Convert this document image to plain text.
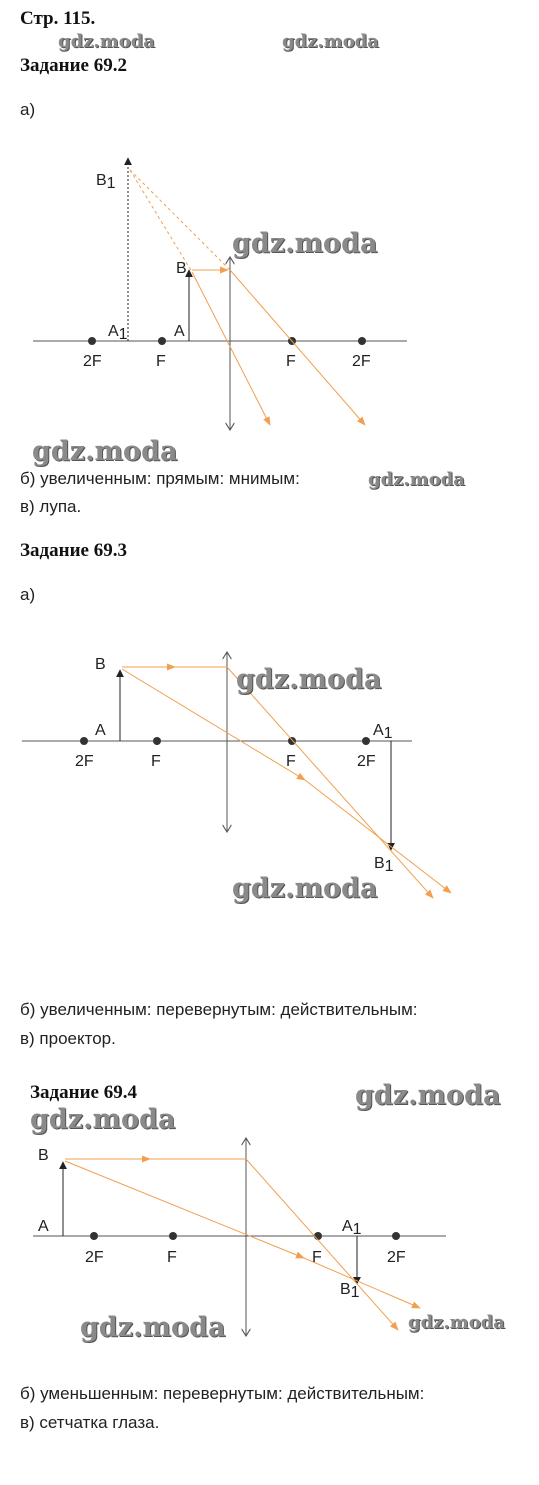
Стр. 115.
gdz.moda	gdz.moda
Задание 69.2
а)
B1
B
A1	A
2F	F	F	2F
gdz.moda
gdz.moda
б) увеличенным: прямым: мнимым:	gdz.moda
в) лупа.
Задание 69.3
а)
B
A	A1
B1
2F	F	F	2F
gdz.moda
gdz.moda
б) увеличенным: перевернутым: действительным:
в) проектор.
Задание 69.4	gdz.moda
gdz.moda
B
A	A1
B1
2F	F	F	2F
gdz.moda	gdz.moda
б) уменьшенным: перевернутым: действительным:
в) сетчатка глаза.
